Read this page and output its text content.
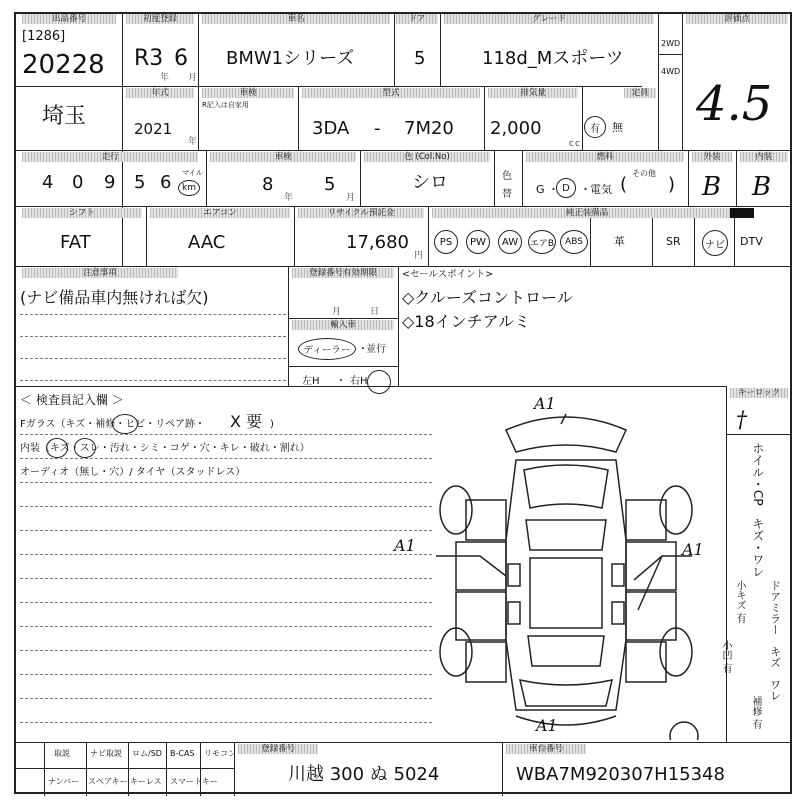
出品番号
[1286]
20228
初度登録
R3 6
年 月
車名
BMW1シリーズ
ドア
5
グレード
118d_Mスポーツ
2WD
4WD
評価点
4.5
埼玉
年式
2021
年
車検
R記入は自家用
型式
3DA - 7M20
排気量
2,000
cc
有 無
定員
走行
4 0 9 5 6 マイル
km
車検
8
年
5
月
色 (Col.No)
シロ	色
替
燃料
G ・ D ・ 電気 (
その他
)
外装	内装
B B
シフト
FAT
エアコン
AAC
リサイクル預託金
17,680
円
純正装備品
PS PW AW エアB ABS	革	SR ナビ DTV
注意事項
(ナビ備品車内無ければ欠)
登録番号有効期限
月	日
輸入車
ディーラー ・
並行
左H ・ 右H
<セールスポイント>
◇クルーズコントロール
◇18インチアルミ
＜ 検査員記入欄 ＞
Fガラス（キズ・補修・ヒビ・リペア跡・ X 要 )
内装（キズ・スレ・汚れ・シミ・コゲ・穴・キレ・破れ・割れ）
オーディオ（無し・穴）/ タイヤ（スタッドレス）
A1
A1	A1
A1
キーロック
†
ホイル・CP　キズ・ワレ
ドアミラー　キズ　ワレ
小キズ 有
小凹 有
補修 有
取説	ナビ取説 ロム/SD B-CAS リモコン
ナンバー スペアキー キーレス スマートキー
登録番号
川越 300 ぬ 5024
車台番号
WBA7M920307H15348
